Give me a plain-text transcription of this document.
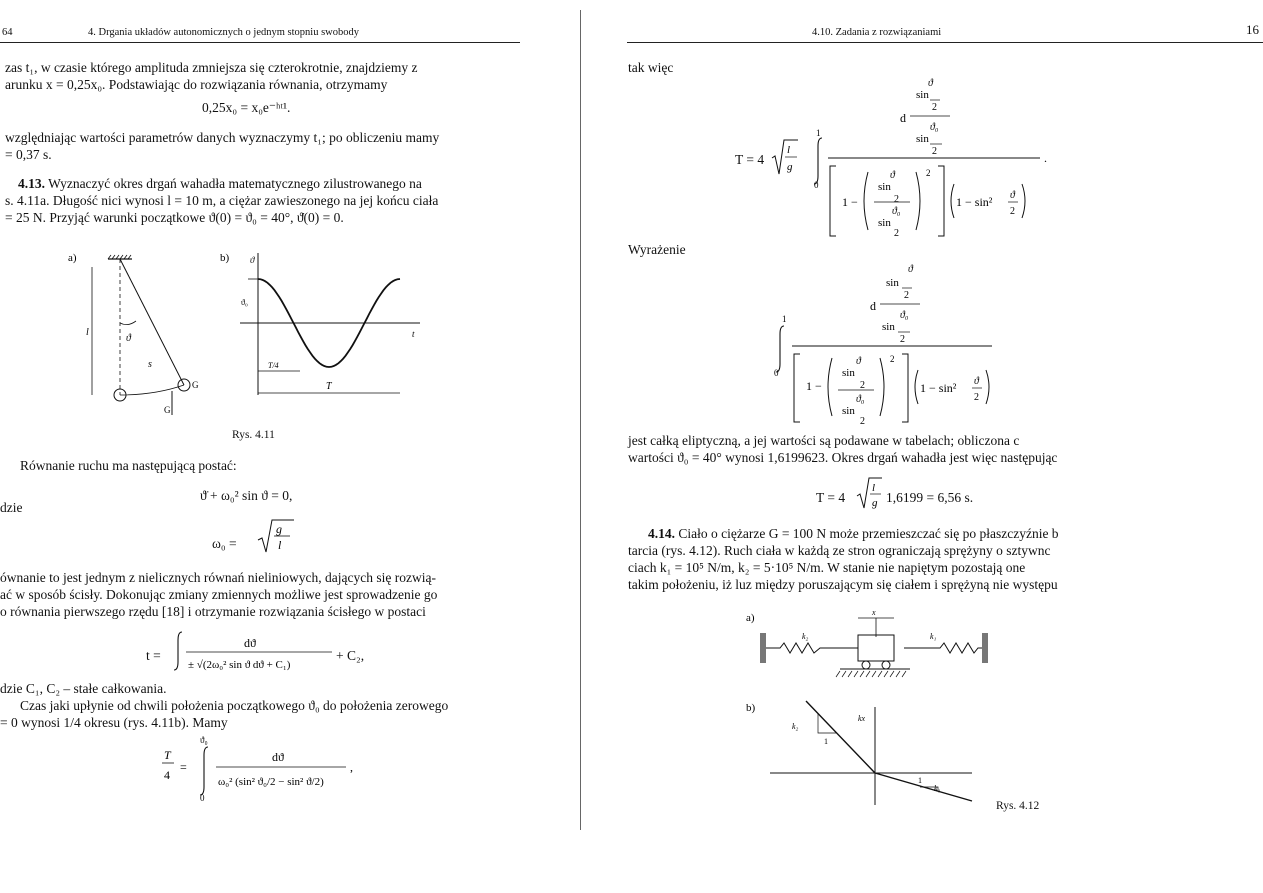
64	4. Drgania układów autonomicznych o jednym stopniu swobody
zas t₁, w czasie którego amplituda zmniejsza się czterokrotnie, znajdziemy z
arunku x = 0,25x₀. Podstawiając do rozwiązania równania, otrzymamy
0,25x₀ = x₀e⁻ʰᵗ¹.
względniając wartości parametrów danych wyznaczymy t₁; po obliczeniu mamy
= 0,37 s.
4.13. Wyznaczyć okres drgań wahadła matematycznego zilustrowanego na
s. 4.11a. Długość nici wynosi l = 10 m, a ciężar zawieszonego na jej końcu ciała
= 25 N. Przyjąć warunki początkowe ϑ(0) = ϑ₀ = 40°, ϑ̇(0) = 0.
a)
l
ϑ
s
G
G
b) ϑ
t
ϑ₀
T/4
T
Rys. 4.11
Równanie ruchu ma następującą postać:
ϑ̈ + ω₀² sin ϑ = 0,
dzie
ω₀ =
g
l
ównanie to jest jednym z nielicznych równań nieliniowych, dających się rozwią-
ać w sposób ścisły. Dokonując zmiany zmiennych możliwe jest sprowadzenie go
o równania pierwszego rzędu [18] i otrzymanie rozwiązania ścisłego w postaci
t =
dϑ
± √(2ω₀² sin ϑ dϑ + C₁)
+ C₂,
dzie C₁, C₂ – stałe całkowania.
Czas jaki upłynie od chwili położenia początkowego ϑ₀ do położenia zerowego
= 0 wynosi 1/4 okresu (rys. 4.11b). Mamy
T
4
=
ϑ₀
0
dϑ
ω₀² (sin² ϑ₀/2 − sin² ϑ/2)
,
4.10. Zadania z rozwiązaniami	16
tak więc
T = 4
l
g
1
0
ϑ
sin
2
d
ϑ₀
sin
2	.
1 −
ϑ
sin
2
ϑ₀
sin
2
2
1 − sin² ϑ
2
Wyrażenie
1
0
ϑ
sin
2
d
ϑ₀
sin
2
1 −
ϑ
sin
2
ϑ₀
sin
2
2
1 − sin² ϑ
2
jest całką eliptyczną, a jej wartości są podawane w tabelach; obliczona c
wartości ϑ₀ = 40° wynosi 1,6199623. Okres drgań wahadła jest więc następując
T = 4
l
g 1,6199 = 6,56 s.
4.14. Ciało o ciężarze G = 100 N może przemieszczać się po płaszczyźnie b
tarcia (rys. 4.12). Ruch ciała w każdą ze stron ograniczają sprężyny o sztywnc
ciach k₁ = 10⁵ N/m, k₂ = 5·10⁵ N/m. W stanie nie napiętym pozostają one
takim położeniu, iż luz między poruszającym się ciałem i sprężyną nie występu
a)
k₂	k₁
x
b)
kx
k₂
1
1
k₁
Rys. 4.12
